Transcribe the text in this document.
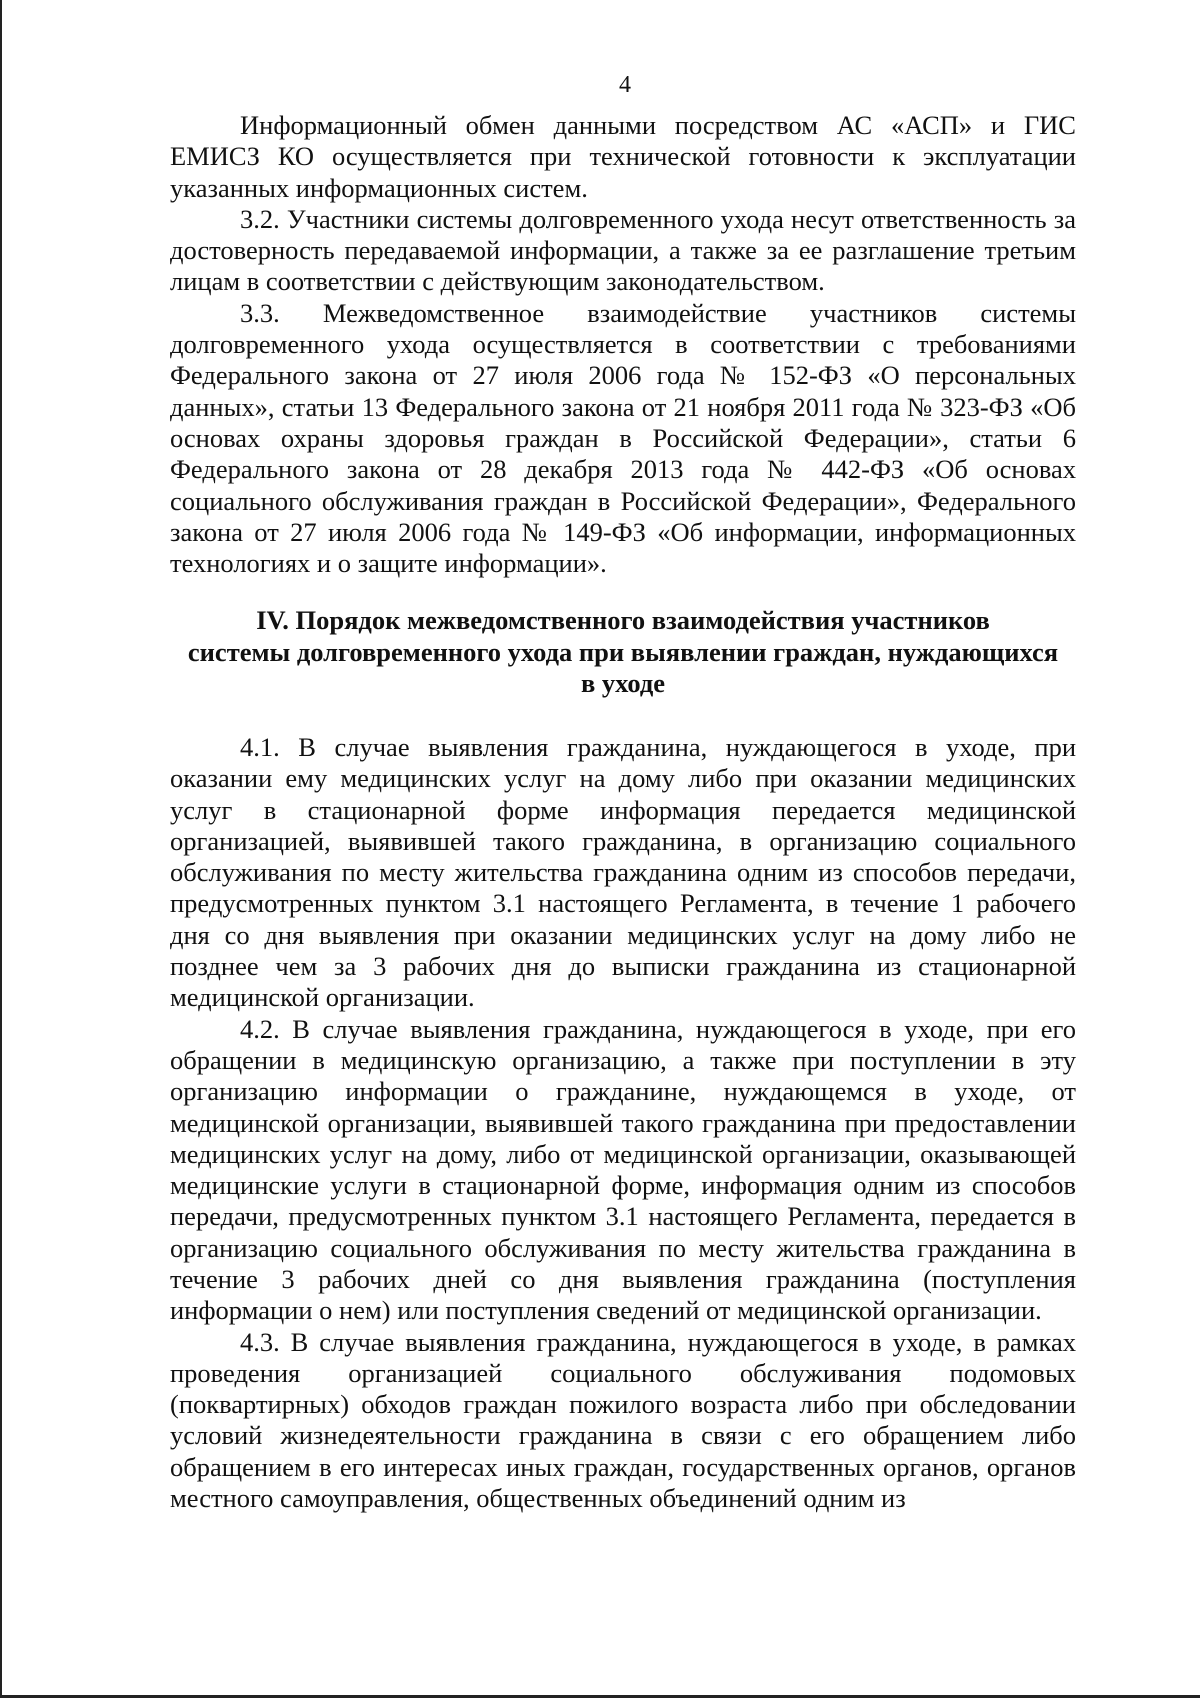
4

Информационный обмен данными посредством АС «АСП» и ГИС ЕМИСЗ КО осуществляется при технической готовности к эксплуатации указанных информационных систем.

3.2. Участники системы долговременного ухода несут ответственность за достоверность передаваемой информации, а также за ее разглашение третьим лицам в соответствии с действующим законодательством.

3.3. Межведомственное взаимодействие участников системы долговременного ухода осуществляется в соответствии с требованиями Федерального закона от 27 июля 2006 года № 152-ФЗ «О персональных данных», статьи 13 Федерального закона от 21 ноября 2011 года № 323-ФЗ «Об основах охраны здоровья граждан в Российской Федерации», статьи 6 Федерального закона от 28 декабря 2013 года № 442-ФЗ «Об основах социального обслуживания граждан в Российской Федерации», Федерального закона от 27 июля 2006 года № 149-ФЗ «Об информации, информационных технологиях и о защите информации».

IV. Порядок межведомственного взаимодействия участников
системы долговременного ухода при выявлении граждан, нуждающихся
в уходе

4.1. В случае выявления гражданина, нуждающегося в уходе, при оказании ему медицинских услуг на дому либо при оказании медицинских услуг в стационарной форме информация передается медицинской организацией, выявившей такого гражданина, в организацию социального обслуживания по месту жительства гражданина одним из способов передачи, предусмотренных пунктом 3.1 настоящего Регламента, в течение 1 рабочего дня со дня выявления при оказании медицинских услуг на дому либо не позднее чем за 3 рабочих дня до выписки гражданина из стационарной медицинской организации.

4.2. В случае выявления гражданина, нуждающегося в уходе, при его обращении в медицинскую организацию, а также при поступлении в эту организацию информации о гражданине, нуждающемся в уходе, от медицинской организации, выявившей такого гражданина при предоставлении медицинских услуг на дому, либо от медицинской организации, оказывающей медицинские услуги в стационарной форме, информация одним из способов передачи, предусмотренных пунктом 3.1 настоящего Регламента, передается в организацию социального обслуживания по месту жительства гражданина в течение 3 рабочих дней со дня выявления гражданина (поступления информации о нем) или поступления сведений от медицинской организации.

4.3. В случае выявления гражданина, нуждающегося в уходе, в рамках проведения организацией социального обслуживания подомовых (поквартирных) обходов граждан пожилого возраста либо при обследовании условий жизнедеятельности гражданина в связи с его обращением либо обращением в его интересах иных граждан, государственных органов, органов местного самоуправления, общественных объединений одним из
